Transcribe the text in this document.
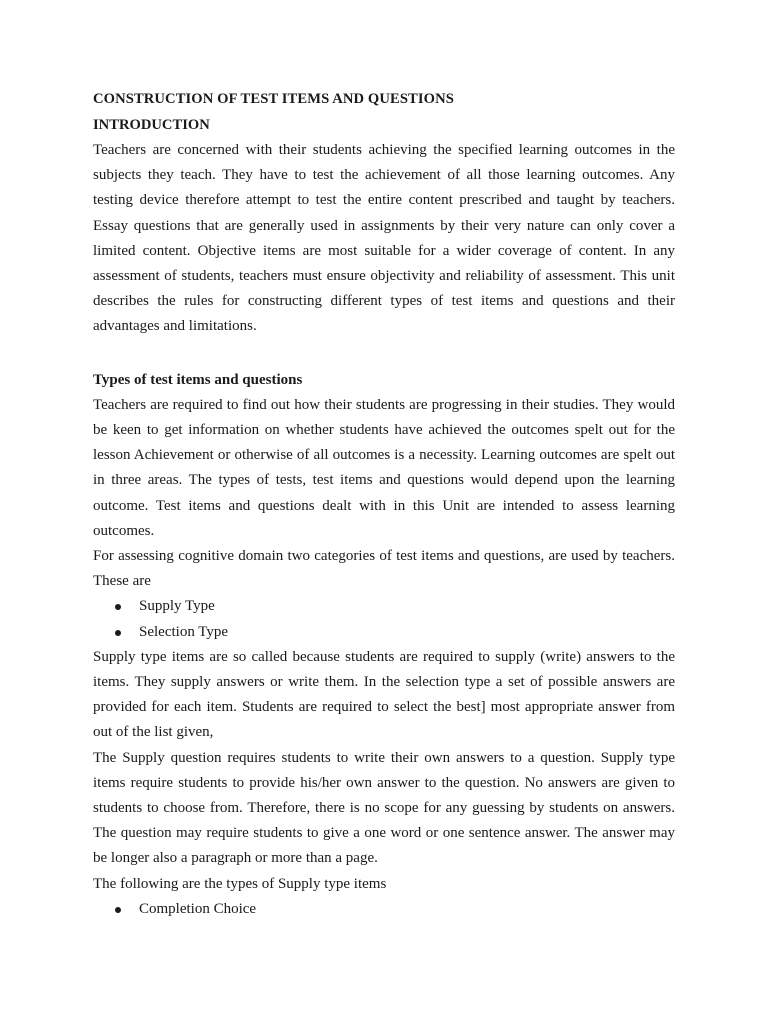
CONSTRUCTION OF TEST ITEMS AND QUESTIONS

INTRODUCTION

Teachers are concerned with their students achieving the specified learning outcomes in the subjects they teach. They have to test the achievement of all those learning outcomes. Any testing device therefore attempt to test the entire content prescribed and taught by teachers. Essay questions that are generally used in assignments by their very nature can only cover a limited content. Objective items are most suitable for a wider coverage of content. In any assessment of students, teachers must ensure objectivity and reliability of assessment. This unit describes the rules for constructing different types of test items and questions and their advantages and limitations.

Types of test items and questions

Teachers are required to find out how their students are progressing in their studies. They would be keen to get information on whether students have achieved the outcomes spelt out for the lesson Achievement or otherwise of all outcomes is a necessity. Learning outcomes are spelt out in three areas. The types of tests, test items and questions would depend upon the learning outcome. Test items and questions dealt with in this Unit are intended to assess learning outcomes.

For assessing cognitive domain two categories of test items and questions, are used by teachers. These are

Supply Type
Selection Type

Supply type items are so called because students are required to supply (write) answers to the items. They supply answers or write them. In the selection type a set of possible answers are provided for each item. Students are required to select the best] most appropriate answer from out of the list given,

The Supply question requires students to write their own answers to a question. Supply type items require students to provide his/her own answer to the question. No answers are given to students to choose from. Therefore, there is no scope for any guessing by students on answers. The question may require students to give a one word or one sentence answer. The answer may be longer also a paragraph or more than a page.

The following are the types of Supply type items

Completion Choice
